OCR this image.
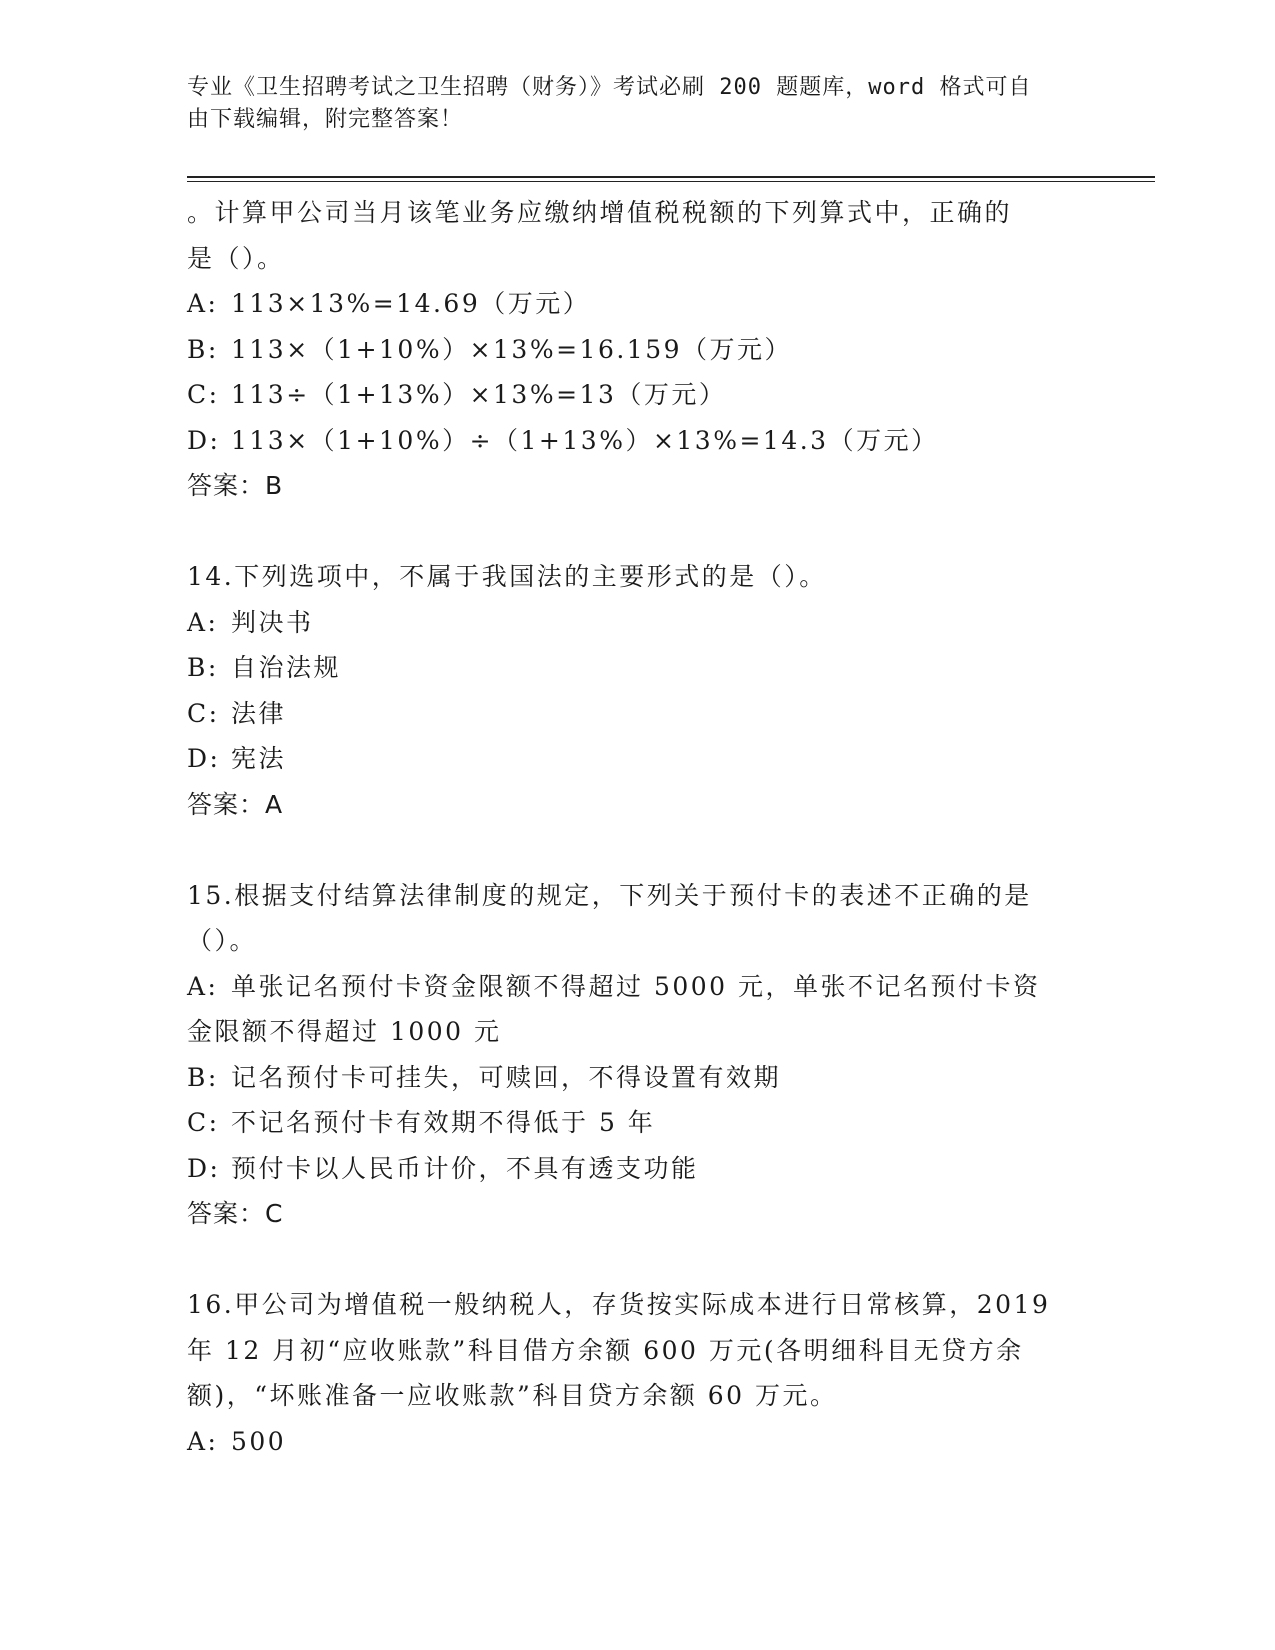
专业《卫生招聘考试之卫生招聘（财务）》考试必刷 200 题题库，word 格式可自
由下载编辑，附完整答案！
。计算甲公司当月该笔业务应缴纳增值税税额的下列算式中，正确的
是（）。
A: 113×13%=14.69（万元）
B: 113×（1+10%）×13%=16.159（万元）
C: 113÷（1+13%）×13%=13（万元）
D: 113×（1+10%）÷（1+13%）×13%=14.3（万元）
答案：B
14.下列选项中，不属于我国法的主要形式的是（）。
A: 判决书
B: 自治法规
C: 法律
D: 宪法
答案：A
15.根据支付结算法律制度的规定，下列关于预付卡的表述不正确的是
（）。
A: 单张记名预付卡资金限额不得超过 5000 元，单张不记名预付卡资
金限额不得超过 1000 元
B: 记名预付卡可挂失，可赎回，不得设置有效期
C: 不记名预付卡有效期不得低于 5 年
D: 预付卡以人民币计价，不具有透支功能
答案：C
16.甲公司为增值税一般纳税人，存货按实际成本进行日常核算，2019
年 12 月初“应收账款”科目借方余额 600 万元(各明细科目无贷方余
额)，“坏账准备一应收账款”科目贷方余额 60 万元。
A: 500
